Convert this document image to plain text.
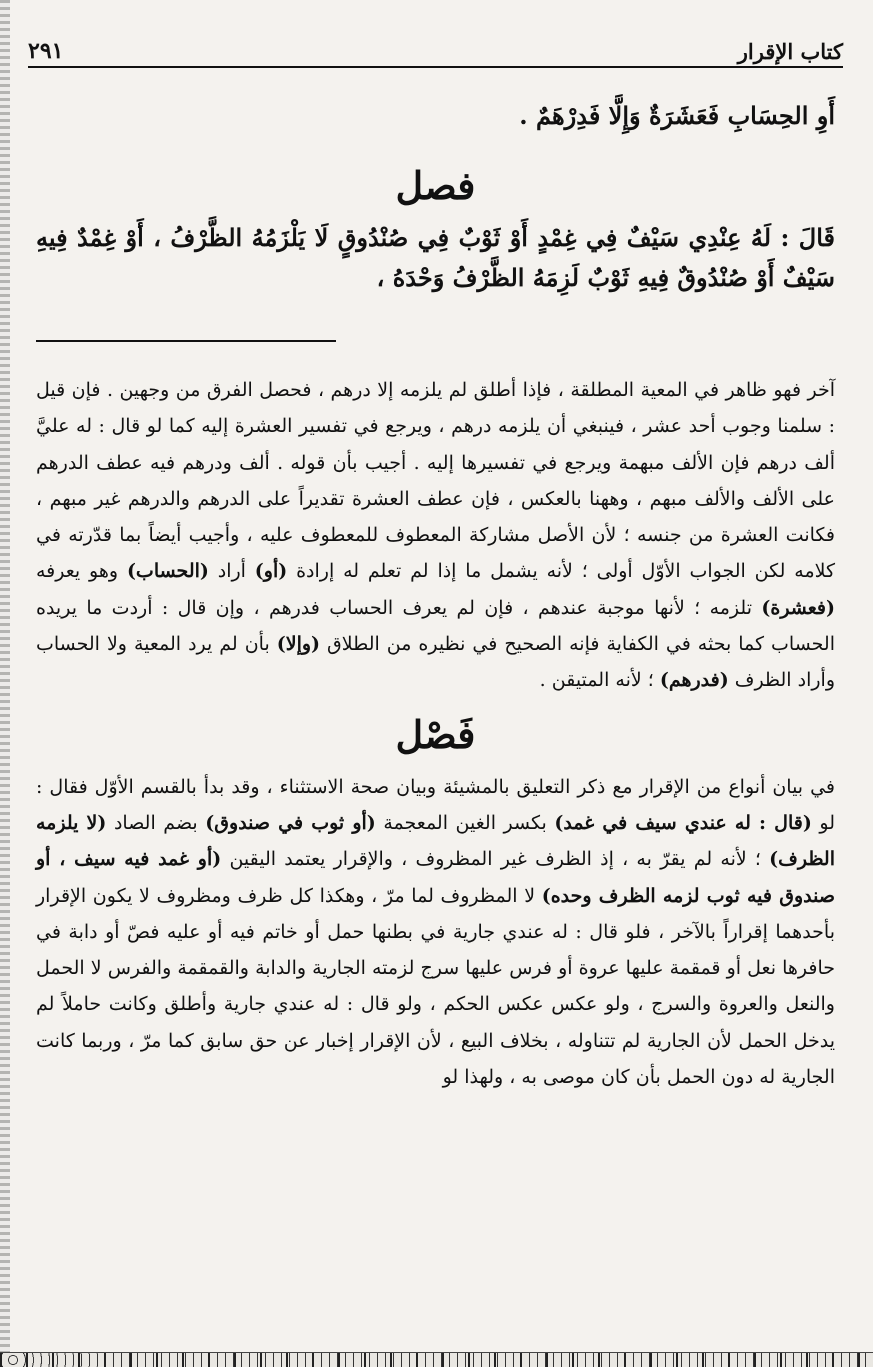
٢٩١	كتاب الإقرار

أَوِ الحِسَابِ فَعَشَرَةٌ وَإِلَّا فَدِرْهَمٌ .

فصل

قَالَ : لَهُ عِنْدِي سَيْفٌ فِي غِمْدٍ أَوْ ثَوْبٌ فِي صُنْدُوقٍ لَا يَلْزَمُهُ الظَّرْفُ ، أَوْ غِمْدٌ فِيهِ سَيْفٌ أَوْ صُنْدُوقٌ فِيهِ ثَوْبٌ لَزِمَهُ الظَّرْفُ وَحْدَهُ ،

آخر فهو ظاهر في المعية المطلقة ، فإذا أطلق لم يلزمه إلا درهم ، فحصل الفرق من وجهين . فإن قيل : سلمنا وجوب أحد عشر ، فينبغي أن يلزمه درهم ، ويرجع في تفسير العشرة إليه كما لو قال : له عليَّ ألف درهم فإن الألف مبهمة ويرجع في تفسيرها إليه . أجيب بأن قوله . ألف ودرهم فيه عطف الدرهم على الألف والألف مبهم ، وههنا بالعكس ، فإن عطف العشرة تقديراً على الدرهم والدرهم غير مبهم ، فكانت العشرة من جنسه ؛ لأن الأصل مشاركة المعطوف للمعطوف عليه ، وأجيب أيضاً بما قدّرته في كلامه لكن الجواب الأوّل أولى ؛ لأنه يشمل ما إذا لم تعلم له إرادة (أو) أراد (الحساب) وهو يعرفه (فعشرة) تلزمه ؛ لأنها موجبة عندهم ، فإن لم يعرف الحساب فدرهم ، وإن قال : أردت ما يريده الحساب كما بحثه في الكفاية فإنه الصحيح في نظيره من الطلاق (وإلا) بأن لم يرد المعية ولا الحساب وأراد الظرف (فدرهم) ؛ لأنه المتيقن .

فَصْل

في بيان أنواع من الإقرار مع ذكر التعليق بالمشيئة وبيان صحة الاستثناء ، وقد بدأ بالقسم الأوّل فقال : لو (قال : له عندي سيف في غمد) بكسر الغين المعجمة (أو ثوب في صندوق) بضم الصاد (لا يلزمه الظرف) ؛ لأنه لم يقرّ به ، إذ الظرف غير المظروف ، والإقرار يعتمد اليقين (أو غمد فيه سيف ، أو صندوق فيه ثوب لزمه الظرف وحده) لا المظروف لما مرّ ، وهكذا كل ظرف ومظروف لا يكون الإقرار بأحدهما إقراراً بالآخر ، فلو قال : له عندي جارية في بطنها حمل أو خاتم فيه أو عليه فصّ أو دابة في حافرها نعل أو قمقمة عليها عروة أو فرس عليها سرج لزمته الجارية والدابة والقمقمة والفرس لا الحمل والنعل والعروة والسرج ، ولو عكس عكس الحكم ، ولو قال : له عندي جارية وأطلق وكانت حاملاً لم يدخل الحمل لأن الجارية لم تتناوله ، بخلاف البيع ، لأن الإقرار إخبار عن حق سابق كما مرّ ، وربما كانت الجارية له دون الحمل بأن كان موصى به ، ولهذا لو
